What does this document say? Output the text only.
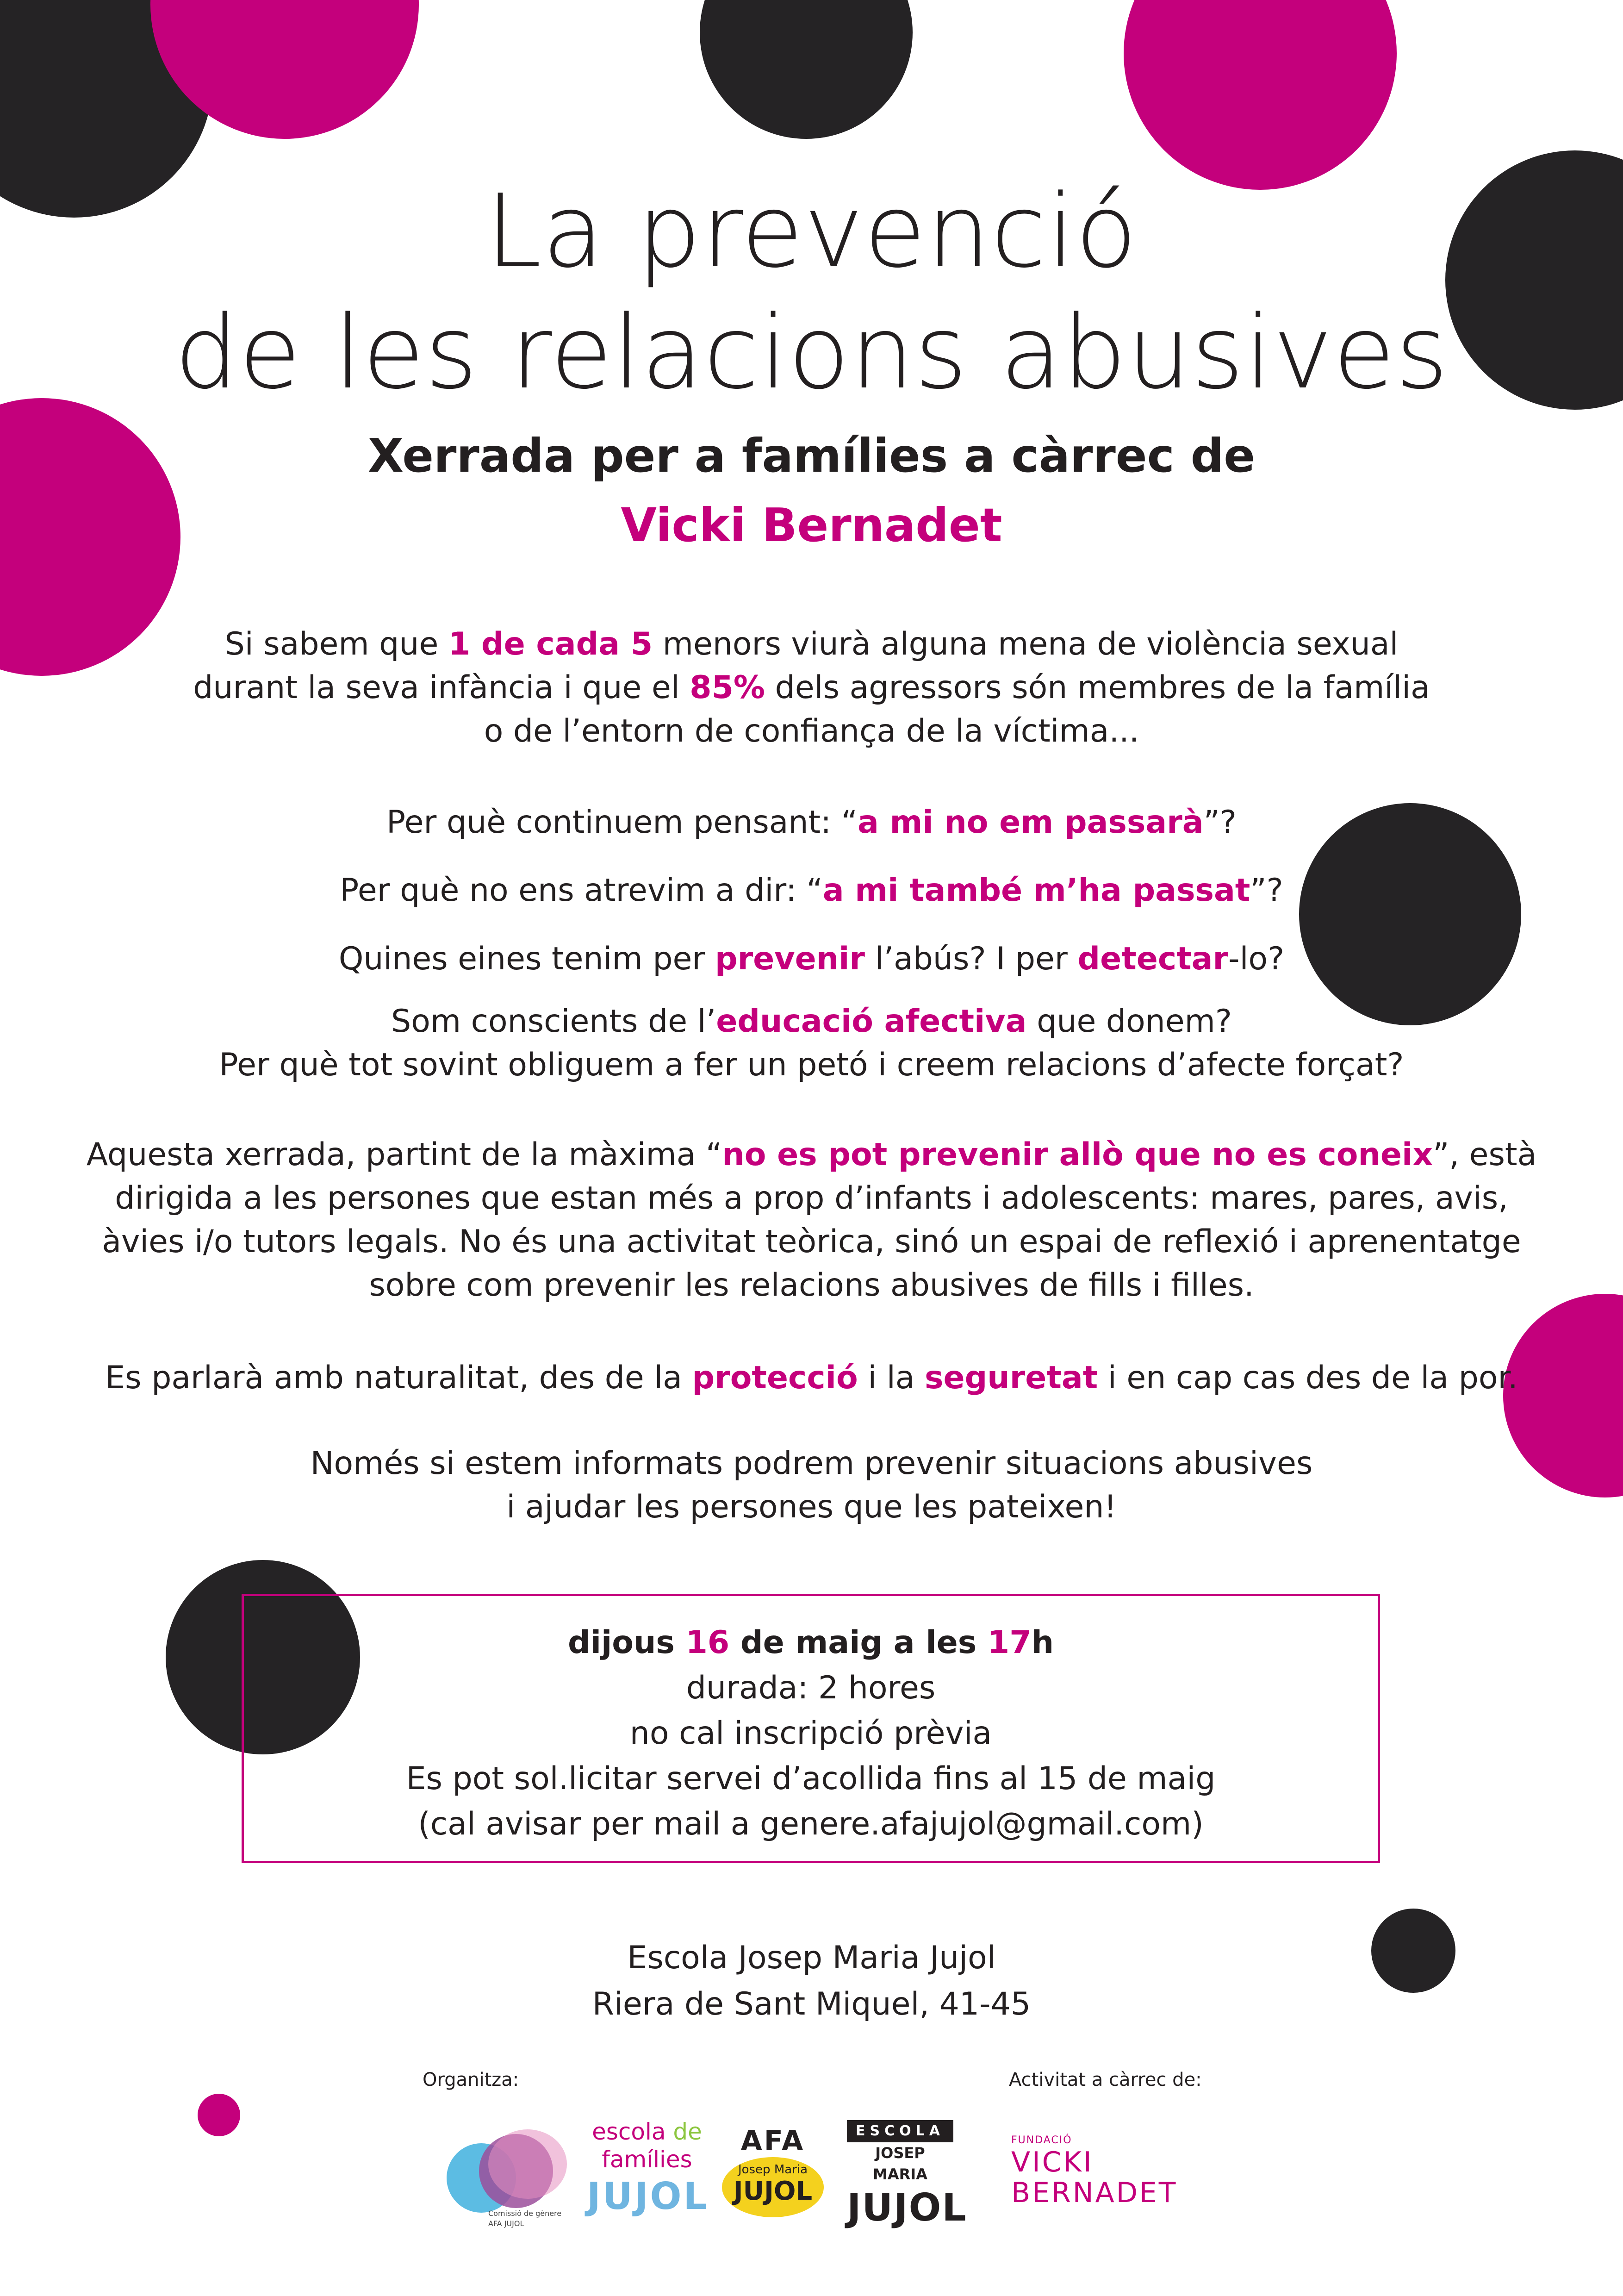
La prevenció
de les relacions abusives
Xerrada per a famílies a càrrec de
Vicki Bernadet
Si sabem que 1 de cada 5 menors viurà alguna mena de violència sexual
durant la seva infància i que el 85% dels agressors són membres de la família
o de l’entorn de confiança de la víctima...
Per què continuem pensant: “a mi no em passarà”?
Per què no ens atrevim a dir: “a mi també m’ha passat”?
Quines eines tenim per prevenir l’abús? I per detectar-lo?
Som conscients de l’educació afectiva que donem?
Per què tot sovint obliguem a fer un petó i creem relacions d’afecte forçat?
Aquesta xerrada, partint de la màxima “no es pot prevenir allò que no es coneix”, està
dirigida a les persones que estan més a prop d’infants i adolescents: mares, pares, avis,
àvies i/o tutors legals. No és una activitat teòrica, sinó un espai de reflexió i aprenentatge
sobre com prevenir les relacions abusives de fills i filles.
Es parlarà amb naturalitat, des de la protecció i la seguretat i en cap cas des de la por.
Només si estem informats podrem prevenir situacions abusives
i ajudar les persones que les pateixen!
dijous 16 de maig a les 17h
durada: 2 hores
no cal inscripció prèvia
Es pot sol.licitar servei d’acollida fins al 15 de maig
(cal avisar per mail a genere.afajujol@gmail.com)
Escola Josep Maria Jujol
Riera de Sant Miquel, 41-45
Organitza:	Activitat a càrrec de:
Comissió de gènere
AFA JUJOL
escola de
famílies
JUJOL
AFA
Josep Maria
JUJOL
ESCOLA
JOSEP MARIA
JUJOL
FUNDACIÓ
VICKI
BERNADET
